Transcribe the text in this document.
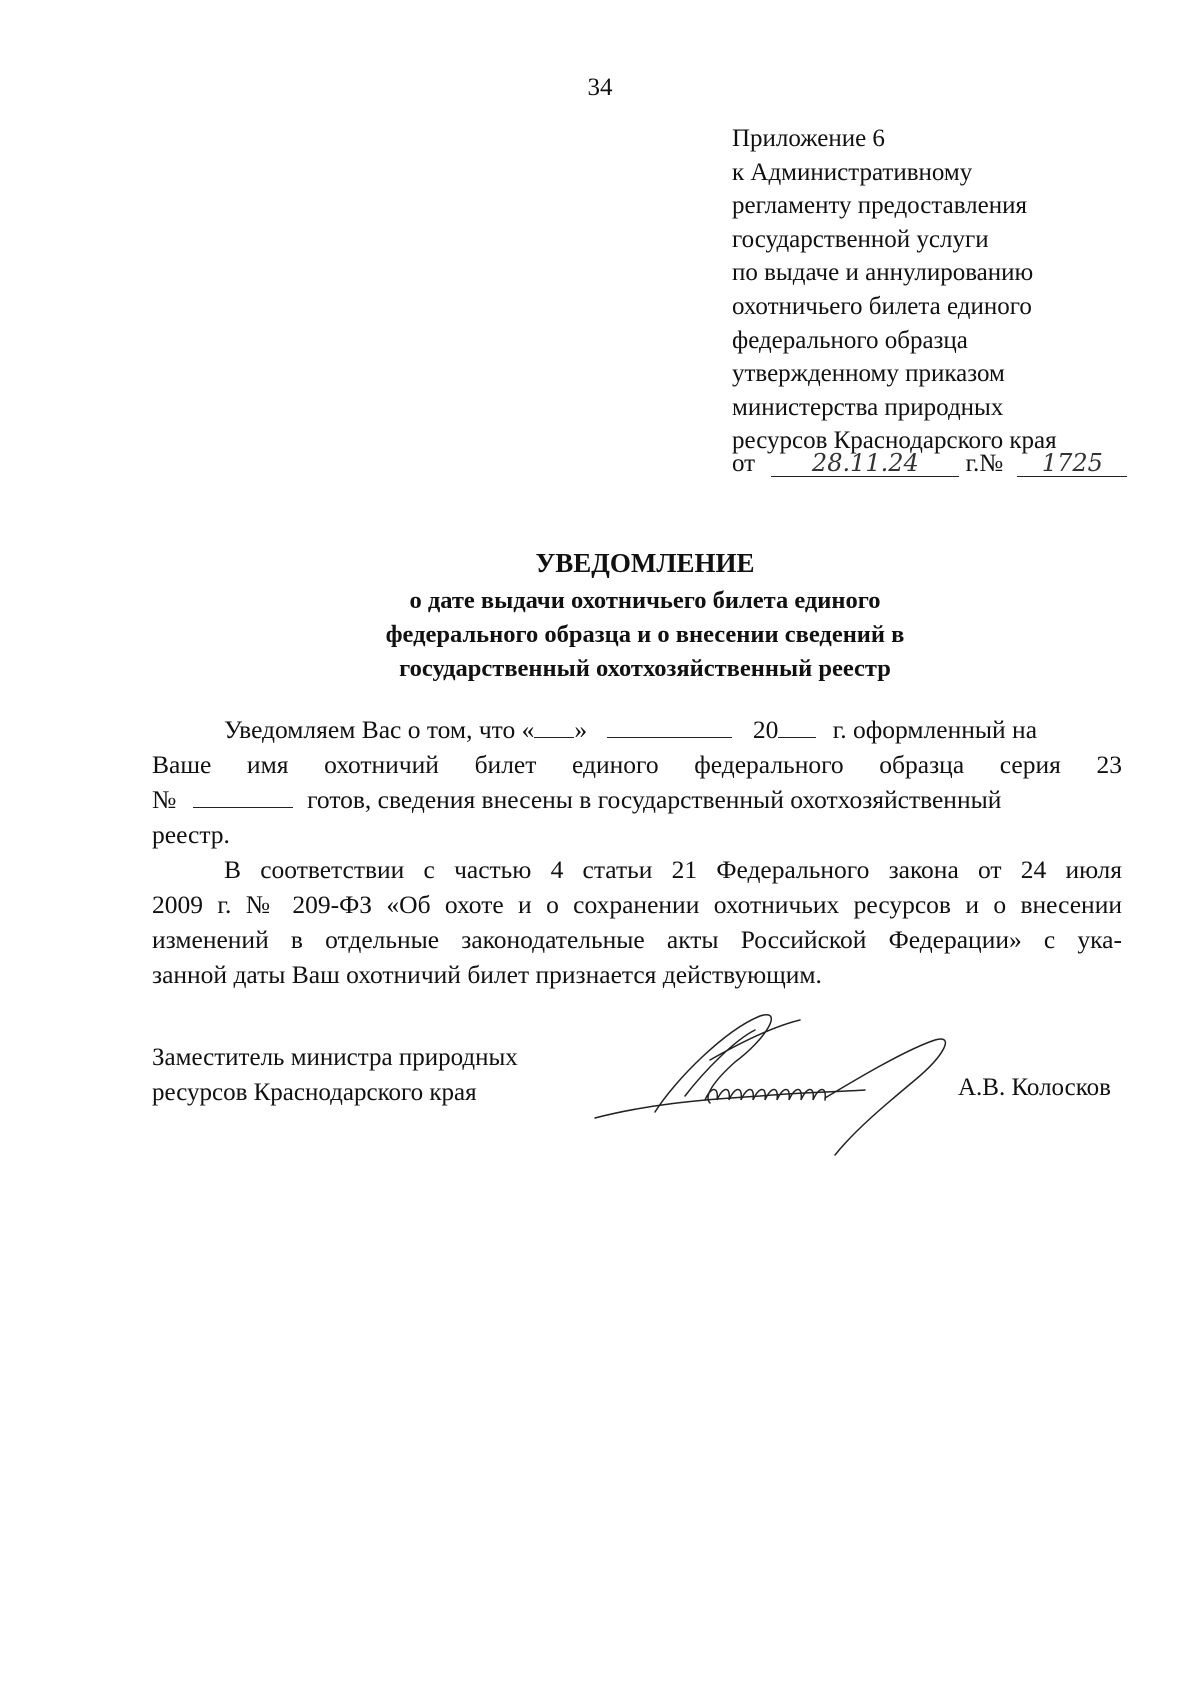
34
Приложение 6
к Административному
регламенту предоставления
государственной услуги
по выдаче и аннулированию
охотничьего билета единого
федерального образца
утвержденному приказом
министерства природных
ресурсов Краснодарского края
от 28.11.24 г.№ 1725
УВЕДОМЛЕНИЕ
о дате выдачи охотничьего билета единого
федерального образца и о внесении сведений в
государственный охотхозяйственный реестр
Уведомляем Вас о том, что « »	20 г. оформленный на
Ваше имя охотничий билет единого федерального образца серия 23
№	готов, сведения внесены в государственный охотхозяйственный
реестр.
В соответствии с частью 4 статьи 21 Федерального закона от 24 июля
2009 г. № 209-ФЗ «Об охоте и о сохранении охотничьих ресурсов и о внесении
изменений в отдельные законодательные акты Российской Федерации» с ука-
занной даты Ваш охотничий билет признается действующим.
Заместитель министра природных
ресурсов Краснодарского края	А.В. Колосков
